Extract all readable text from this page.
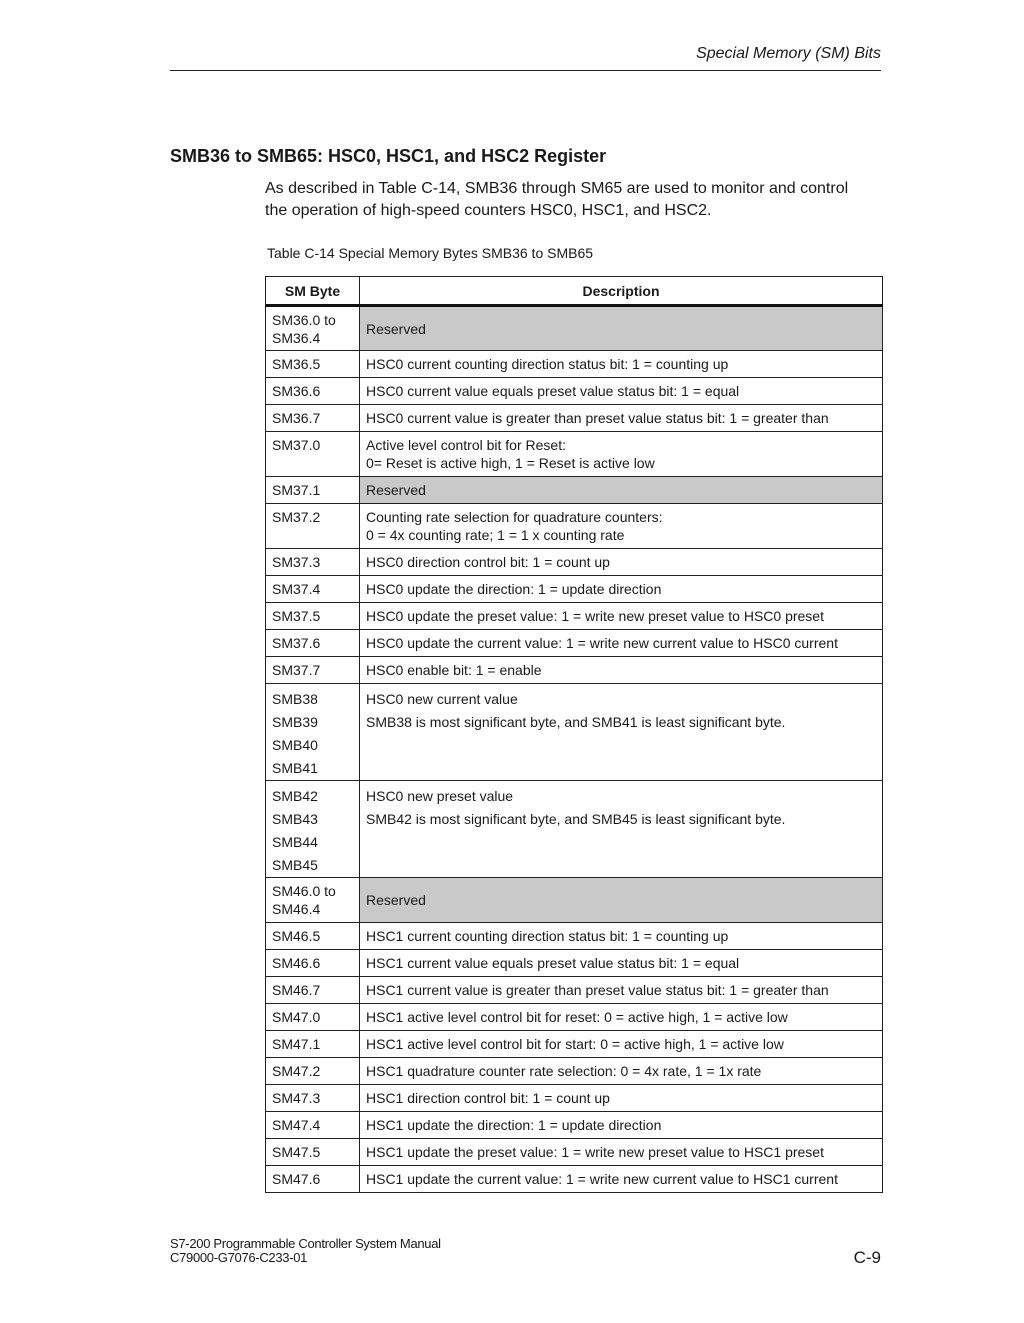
Special Memory (SM) Bits
SMB36 to SMB65: HSC0, HSC1, and HSC2 Register
As described in Table C-14, SMB36 through SM65 are used to monitor and control
the operation of high-speed counters HSC0, HSC1, and HSC2.
Table C-14 Special Memory Bytes SMB36 to SMB65
SM Byte	Description

SM36.0 to
SM36.4	Reserved

SM36.5	HSC0 current counting direction status bit: 1 = counting up

SM36.6	HSC0 current value equals preset value status bit: 1 = equal

SM36.7	HSC0 current value is greater than preset value status bit: 1 = greater than

SM37.0	Active level control bit for Reset:
0= Reset is active high, 1 = Reset is active low

SM37.1	Reserved

SM37.2	Counting rate selection for quadrature counters:
0 = 4x counting rate; 1 = 1 x counting rate

SM37.3	HSC0 direction control bit: 1 = count up

SM37.4	HSC0 update the direction: 1 = update direction

SM37.5	HSC0 update the preset value: 1 = write new preset value to HSC0 preset

SM37.6	HSC0 update the current value: 1 = write new current value to HSC0 current

SM37.7	HSC0 enable bit: 1 = enable

SMB38
SMB39
SMB40
SMB41	HSC0 new current value
SMB38 is most significant byte, and SMB41 is least significant byte.

SMB42
SMB43
SMB44
SMB45	HSC0 new preset value
SMB42 is most significant byte, and SMB45 is least significant byte.

SM46.0 to
SM46.4	Reserved

SM46.5	HSC1 current counting direction status bit: 1 = counting up

SM46.6	HSC1 current value equals preset value status bit: 1 = equal

SM46.7	HSC1 current value is greater than preset value status bit: 1 = greater than

SM47.0	HSC1 active level control bit for reset: 0 = active high, 1 = active low

SM47.1	HSC1 active level control bit for start: 0 = active high, 1 = active low

SM47.2	HSC1 quadrature counter rate selection: 0 = 4x rate, 1 = 1x rate

SM47.3	HSC1 direction control bit: 1 = count up

SM47.4	HSC1 update the direction: 1 = update direction

SM47.5	HSC1 update the preset value: 1 = write new preset value to HSC1 preset

SM47.6	HSC1 update the current value: 1 = write new current value to HSC1 current
S7-200 Programmable Controller System Manual
C79000-G7076-C233-01	C-9
